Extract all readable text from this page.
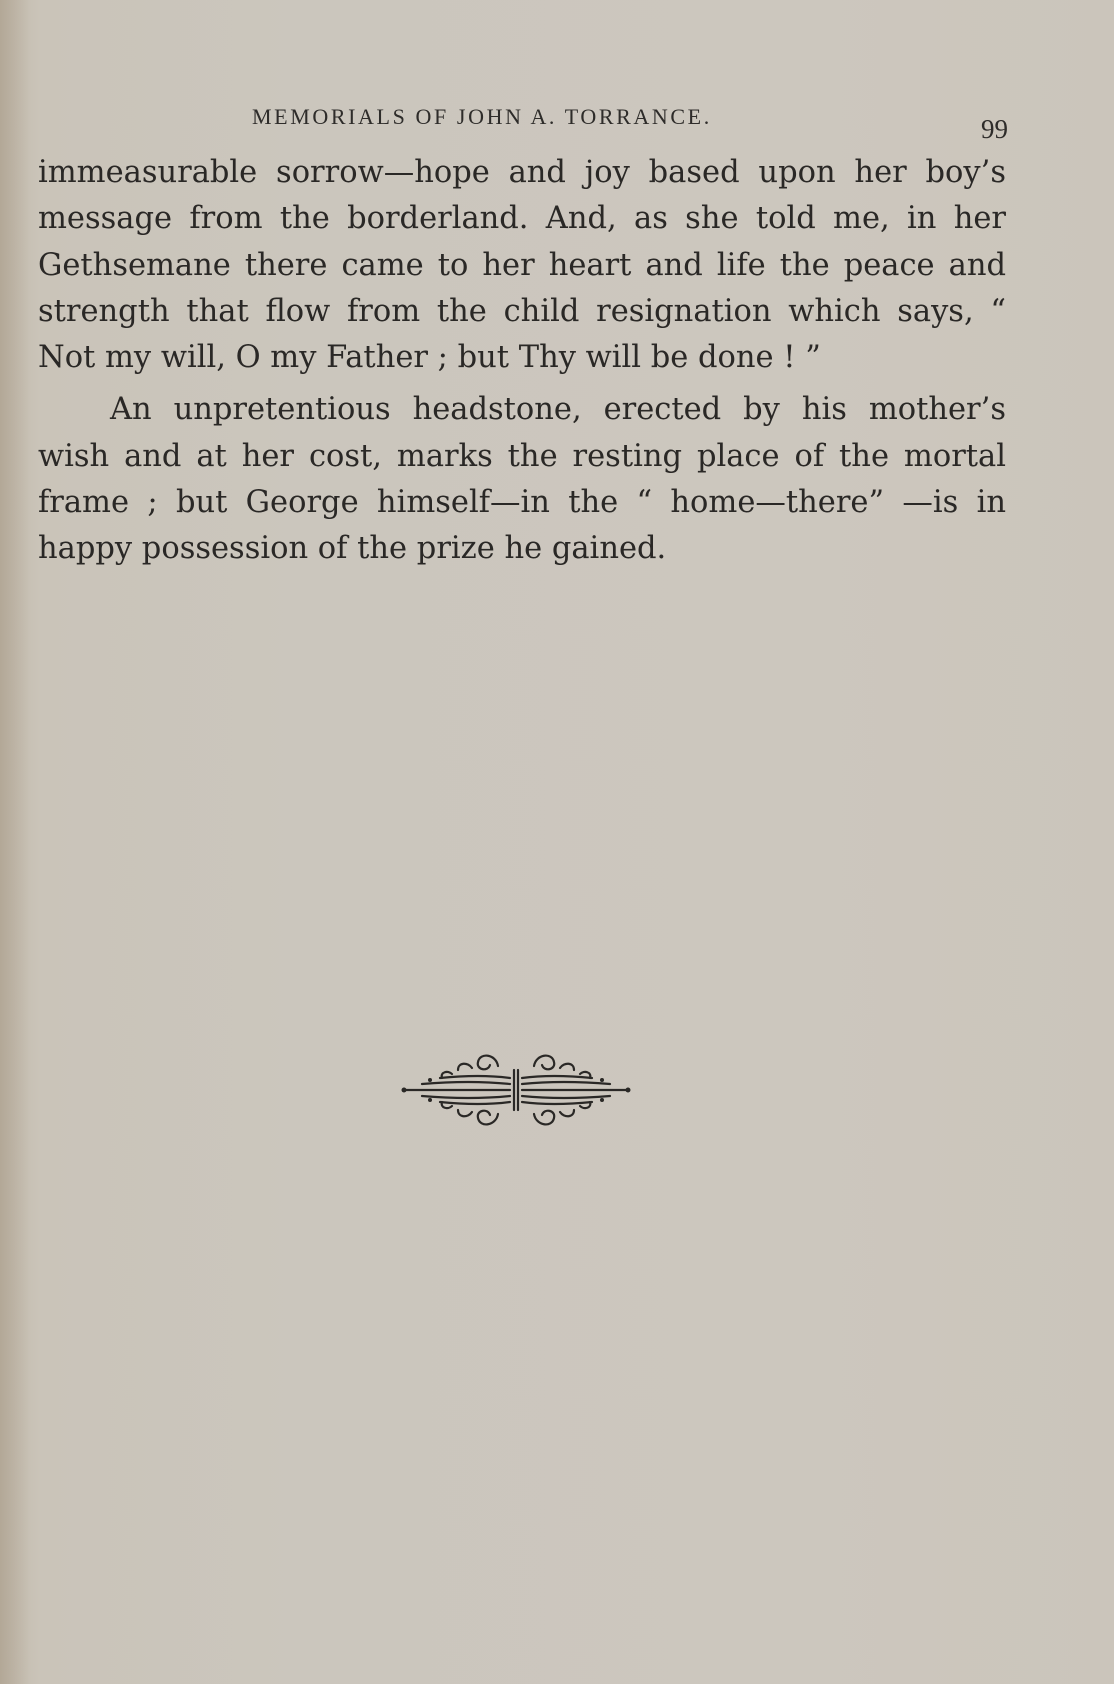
MEMORIALS OF JOHN A. TORRANCE.	99

immeasurable sorrow—hope and joy based upon her boy’s message from the borderland. And, as she told me, in her Gethsemane there came to her heart and life the peace and strength that flow from the child resignation which says, “ Not my will, O my Father ; but Thy will be done ! ”

An unpretentious headstone, erected by his mother’s wish and at her cost, marks the resting place of the mortal frame ; but George himself—in the “ home—there” —is in happy possession of the prize he gained.
